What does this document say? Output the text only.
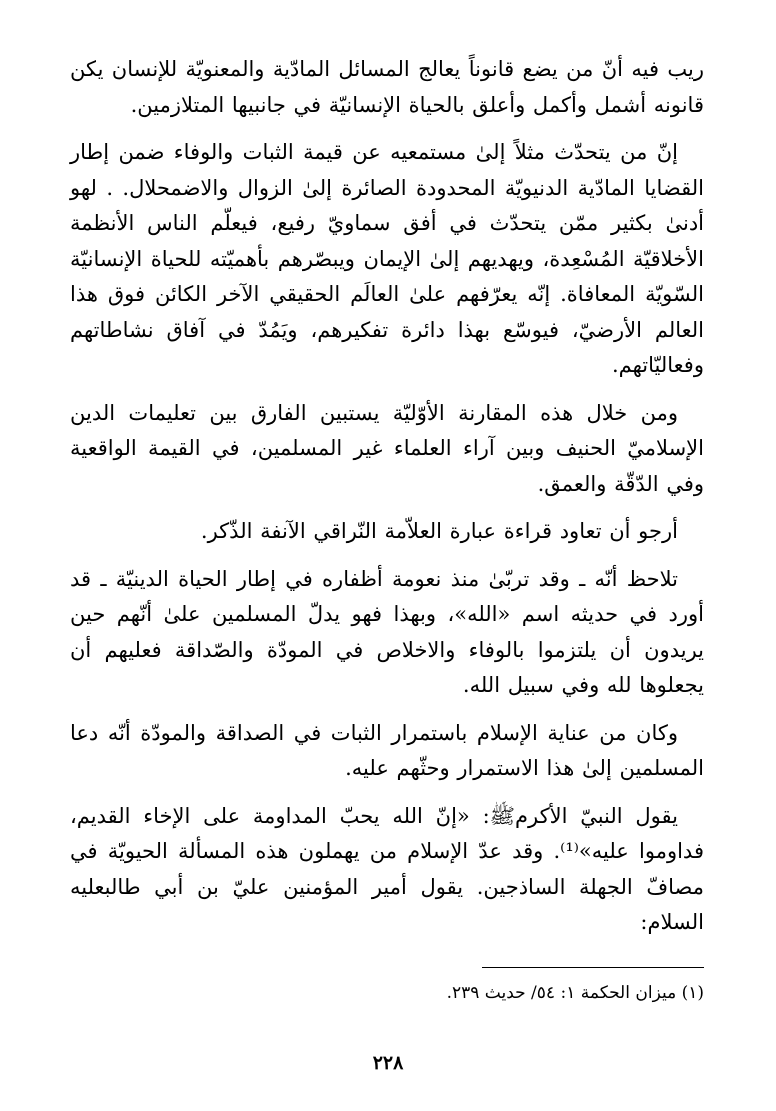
ريب فيه أنّ من يضع قانوناً يعالج المسائل المادّية والمعنويّة للإنسان يكن قانونه أشمل وأكمل وأعلق بالحياة الإنسانيّة في جانبيها المتلازمين.

إنّ من يتحدّث مثلاً إلىٰ مستمعيه عن قيمة الثبات والوفاء ضمن إطار القضايا المادّية الدنيويّة المحدودة الصائرة إلىٰ الزوال والاضمحلال. . لهو أدنىٰ بكثير ممّن يتحدّث في أفق سماويّ رفيع، فيعلّم الناس الأنظمة الأخلاقيّة المُسْعِدة، ويهديهم إلىٰ الإيمان ويبصّرهم بأهميّته للحياة الإنسانيّة السّويّة المعافاة. إنّه يعرّفهم علىٰ العالَم الحقيقي الآخر الكائن فوق هذا العالم الأرضيّ، فيوسّع بهذا دائرة تفكيرهم، ويَمُدّ في آفاق نشاطاتهم وفعاليّاتهم.

ومن خلال هذه المقارنة الأوّليّة يستبين الفارق بين تعليمات الدين الإسلاميّ الحنيف وبين آراء العلماء غير المسلمين، في القيمة الواقعية وفي الدّقّة والعمق.

أرجو أن تعاود قراءة عبارة العلاّمة النّراقي الآنفة الذّكر.

تلاحظ أنّه ـ وقد تربّىٰ منذ نعومة أظفاره في إطار الحياة الدينيّة ـ قد أورد في حديثه اسم «الله»، وبهذا فهو يدلّ المسلمين علىٰ أنّهم حين يريدون أن يلتزموا بالوفاء والاخلاص في المودّة والصّداقة فعليهم أن يجعلوها لله وفي سبيل الله.

وكان من عناية الإسلام باستمرار الثبات في الصداقة والمودّة أنّه دعا المسلمين إلىٰ هذا الاستمرار وحثّهم عليه.

يقول النبيّ الأكرمﷺ: «إنّ الله يحبّ المداومة على الإخاء القديم، فداوموا عليه»⁽¹⁾. وقد عدّ الإسلام من يهملون هذه المسألة الحيويّة في مصافّ الجهلة الساذجين. يقول أمير المؤمنين عليّ بن أبي طالبعليه السلام:

(١) ميزان الحكمة ١: ٥٤/ حديث ٢٣٩.
٢٢٨
